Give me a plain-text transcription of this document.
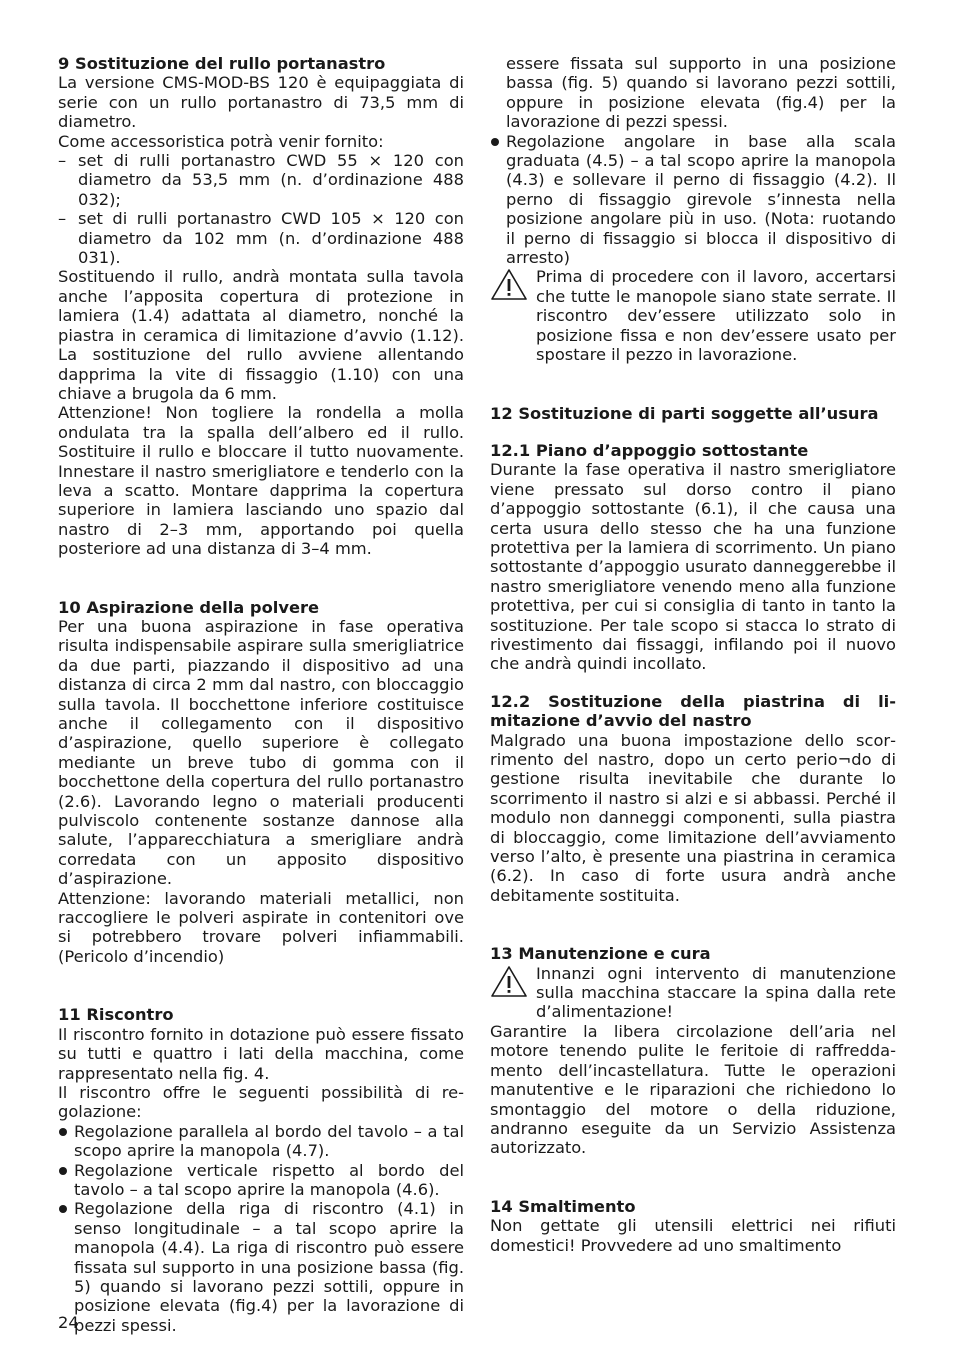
9 Sostituzione del rullo portanastro

La versione CMS-MOD-BS 120 è equipaggiata di serie con un rullo portanastro di 73,5 mm di diametro.

Come accessoristica potrà venir fornito:

– set di rulli portanastro CWD 55 × 120 con diametro da 53,5 mm (n. d’ordinazione 488 032);
– set di rulli portanastro CWD 105 × 120 con diametro da 102 mm (n. d’ordinazione 488 031).

Sostituendo il rullo, andrà montata sulla tavola anche l’apposita copertura di protezione in lamiera (1.4) adattata al diametro, nonché la piastra in ceramica di limitazione d’avvio (1.12). La sostituzione del rullo avviene allentando dapprima la vite di fissaggio (1.10) con una chiave a brugola da 6 mm.

Attenzione! Non togliere la rondella a molla ondulata tra la spalla dell’albero ed il rullo. Sostituire il rullo e bloccare il tutto nuovamente. Innestare il nastro smerigliatore e tenderlo con la leva a scatto. Montare dapprima la copertura superiore in lamiera lasciando uno spazio dal nastro di 2–3 mm, apportando poi quella posteriore ad una distanza di 3–4 mm.

10 Aspirazione della polvere

Per una buona aspirazione in fase operativa risulta indispensabile aspirare sulla smerigliatrice da due parti, piazzando il dispositivo ad una distanza di circa 2 mm dal nastro, con bloccaggio sulla tavola. Il bocchettone inferiore costituisce anche il collegamento con il dispositivo d’aspirazione, quello superiore è collegato mediante un breve tubo di gomma con il bocchettone della copertura del rullo portanastro (2.6). Lavorando legno o materiali producenti pulviscolo contenente sostanze dannose alla salute, l’apparecchiatura a smerigliare andrà corredata con un apposito dispositivo d’aspirazione.

Attenzione: lavorando materiali metallici, non raccogliere le polveri aspirate in contenitori ove si potrebbero trovare polveri infiammabili. (Pericolo d’incendio)

11 Riscontro

Il riscontro fornito in dotazione può essere fissato su tutti e quattro i lati della macchina, come rappresentato nella fig. 4.

Il riscontro offre le seguenti possibilità di regolazione:

Regolazione parallela al bordo del tavolo – a tal scopo aprire la manopola (4.7).
Regolazione verticale rispetto al bordo del tavolo – a tal scopo aprire la manopola (4.6).
Regolazione della riga di riscontro (4.1) in senso longitudinale – a tal scopo aprire la manopola (4.4). La riga di riscontro può essere fissata sul supporto in una posizione bassa (fig. 5) quando si lavorano pezzi sottili, oppure in posizione elevata (fig.4) per la lavorazione di pezzi spessi.

essere fissata sul supporto in una posizione bassa (fig. 5) quando si lavorano pezzi sottili, oppure in posizione elevata (fig.4) per la lavorazione di pezzi spessi.

Regolazione angolare in base alla scala graduata (4.5) – a tal scopo aprire la manopola (4.3) e sollevare il perno di fissaggio (4.2). Il perno di fissaggio girevole s’innesta nella posizione angolare più in uso. (Nota: ruotando il perno di fissaggio si blocca il dispositivo di arresto)

Prima di procedere con il lavoro, accertarsi che tutte le manopole siano state serrate. Il riscontro dev’essere utilizzato solo in posizione fissa e non dev’essere usato per spostare il pezzo in lavorazione.

12 Sostituzione di parti soggette all’usura
12.1 Piano d’appoggio sottostante

Durante la fase operativa il nastro smerigliatore viene pressato sul dorso contro il piano d’appoggio sottostante (6.1), il che causa una certa usura dello stesso che ha una funzione protettiva per la lamiera di scorrimento. Un piano sottostante d’appoggio usurato danneggerebbe il nastro smerigliatore venendo meno alla funzione protettiva, per cui si consiglia di tanto in tanto la sostituzione. Per tale scopo si stacca lo strato di rivestimento dai fissaggi, infilando poi il nuovo che andrà quindi incollato.

12.2 Sostituzione della piastrina di limitazione d’avvio del nastro

Malgrado una buona impostazione dello scorrimento del nastro, dopo un certo perio¬do di gestione risulta inevitabile che durante lo scorrimento il nastro si alzi e si abbassi. Perché il modulo non danneggi componenti, sulla piastra di bloccaggio, come limitazione dell’avviamento verso l’alto, è presente una piastrina in ceramica (6.2). In caso di forte usura andrà anche debitamente sostituita.

13 Manutenzione e cura

Innanzi ogni intervento di manutenzione sulla macchina staccare la spina dalla rete d’alimentazione!

Garantire la libera circolazione dell’aria nel motore tenendo pulite le feritoie di raffreddamento dell’incastellatura. Tutte le operazioni manutentive e le riparazioni che richiedono lo smontaggio del motore o della riduzione, andranno eseguite da un Servizio Assistenza autorizzato.

14 Smaltimento

Non gettate gli utensili elettrici nei rifiuti domestici! Provvedere ad uno smaltimento

24
